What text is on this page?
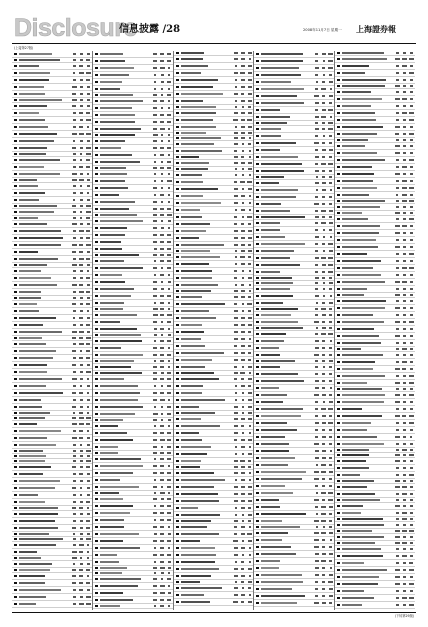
Disclosure
信息披露 /28	2008年11月7日 星期一 上海證券報
(上接第27版)
(下转第29版)
